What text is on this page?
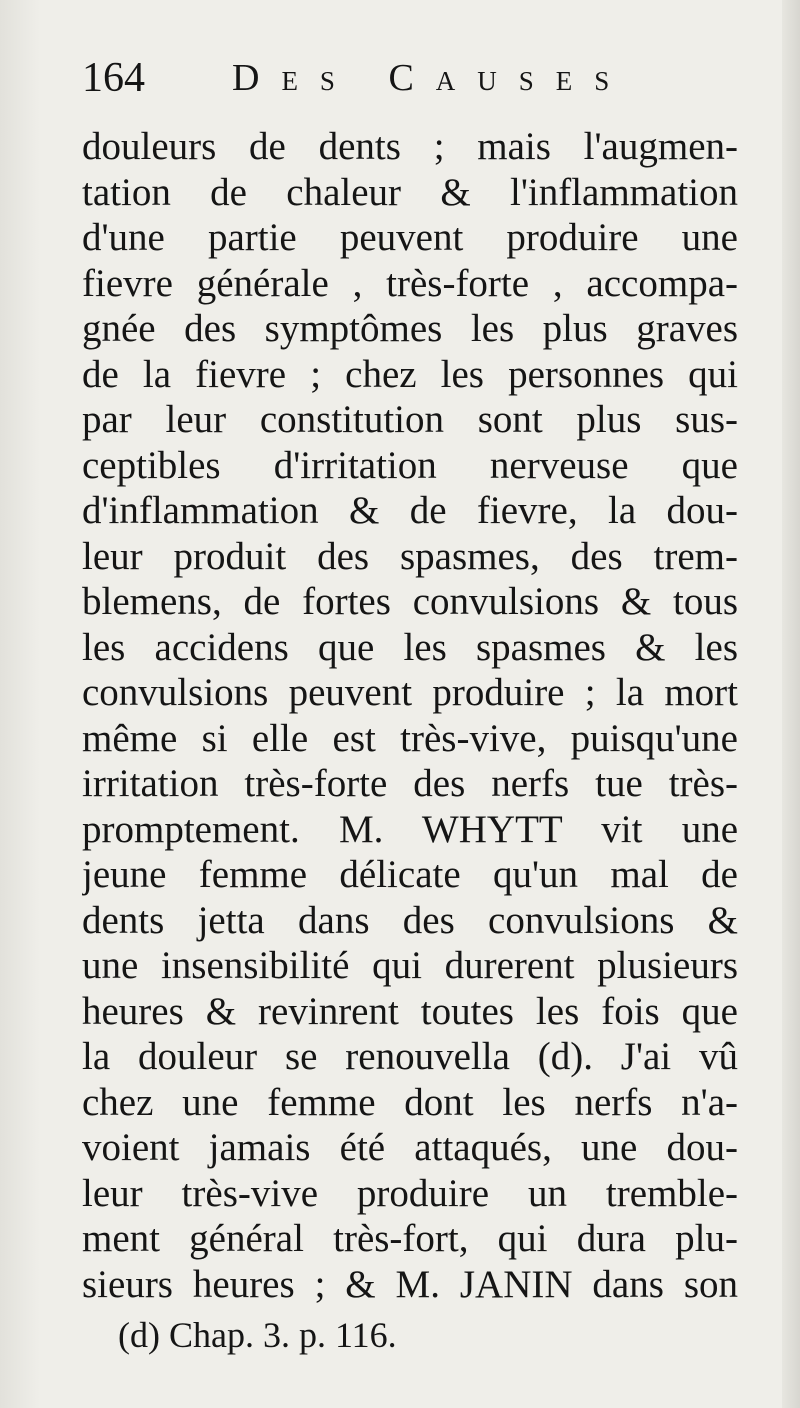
164 Des Causes
douleurs de dents ; mais l'augmen-
tation de chaleur & l'inflammation
d'une partie peuvent produire une
fievre générale , très-forte , accompa-
gnée des symptômes les plus graves
de la fievre ; chez les personnes qui
par leur constitution sont plus sus-
ceptibles d'irritation nerveuse que
d'inflammation & de fievre, la dou-
leur produit des spasmes, des trem-
blemens, de fortes convulsions & tous
les accidens que les spasmes & les
convulsions peuvent produire ; la mort
même si elle est très-vive, puisqu'une
irritation très-forte des nerfs tue très-
promptement. M. WHYTT vit une
jeune femme délicate qu'un mal de
dents jetta dans des convulsions &
une insensibilité qui durerent plusieurs
heures & revinrent toutes les fois que
la douleur se renouvella (d). J'ai vû
chez une femme dont les nerfs n'a-
voient jamais été attaqués, une dou-
leur très-vive produire un tremble-
ment général très-fort, qui dura plu-
sieurs heures ; & M. JANIN dans son
(d) Chap. 3. p. 116.
